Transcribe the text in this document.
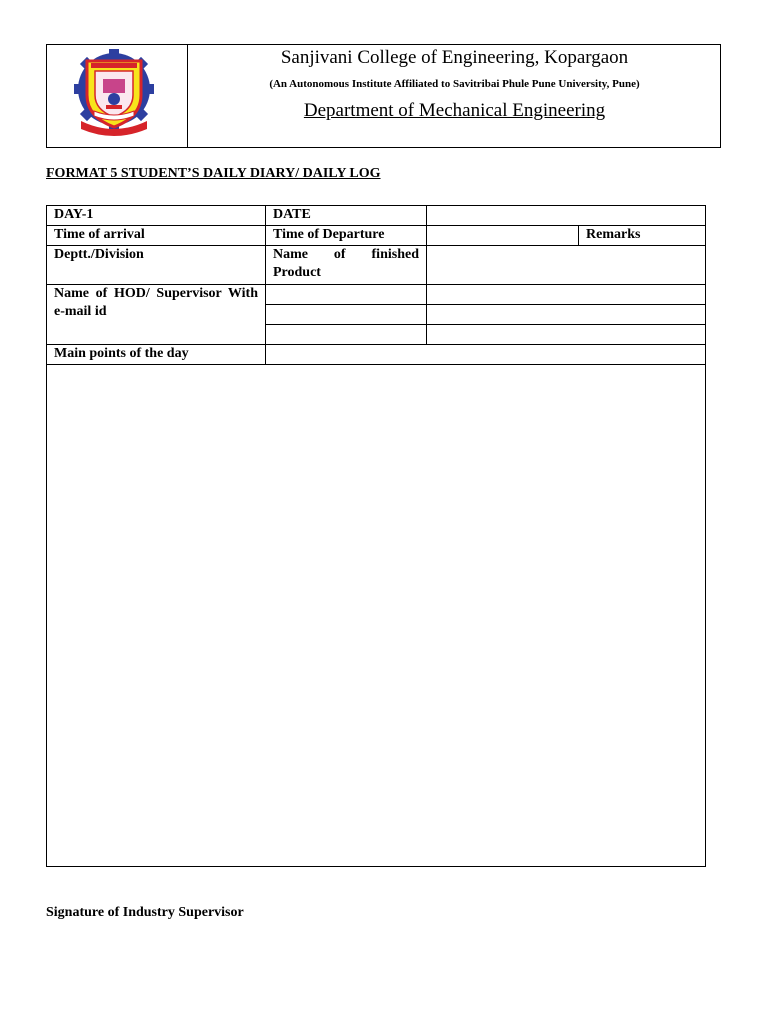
Sanjivani College of Engineering, Kopargaon
(An Autonomous Institute Affiliated to Savitribai Phule Pune University, Pune)
Department of Mechanical Engineering
FORMAT 5 STUDENT’S DAILY DIARY/ DAILY LOG
DAY-1	DATE		
Time of arrival	Time of Departure		Remarks
Deptt./Division	Name of finished Product		
Name of HOD/ Supervisor With e-mail id			

Main points of the day			

Signature of Industry Supervisor
